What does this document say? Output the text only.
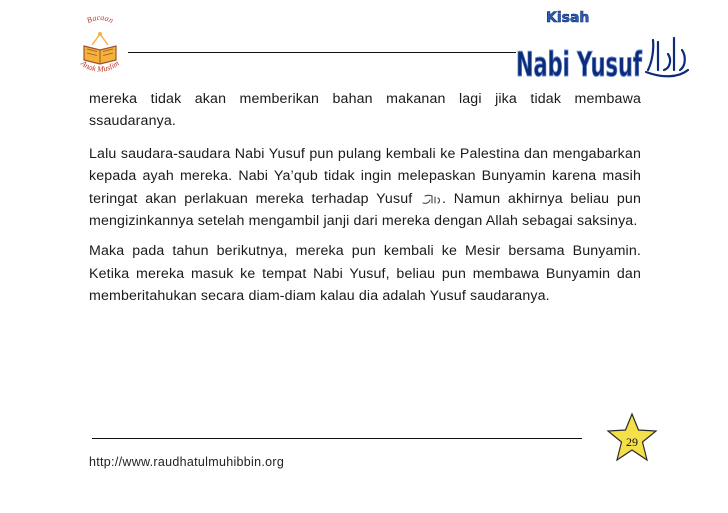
Bacaan
Anak Muslim
Kisah
Nabi Yusuf

mereka tidak akan memberikan bahan makanan lagi jika tidak membawa ssaudaranya.

Lalu saudara-saudara Nabi Yusuf pun pulang kembali ke Palestina dan mengabarkan kepada ayah mereka. Nabi Ya’qub tidak ingin melepaskan Bunyamin karena masih teringat akan perlakuan mereka terhadap Yusuf . Namun akhirnya beliau pun mengizinkannya setelah mengambil janji dari mereka dengan Allah sebagai saksinya.

Maka pada tahun berikutnya, mereka pun kembali ke Mesir bersama Bunyamin. Ketika mereka masuk ke tempat Nabi Yusuf, beliau pun membawa Bunyamin dan memberitahukan secara diam-diam kalau dia adalah Yusuf saudaranya.

http://www.raudhatulmuhibbin.org
29
